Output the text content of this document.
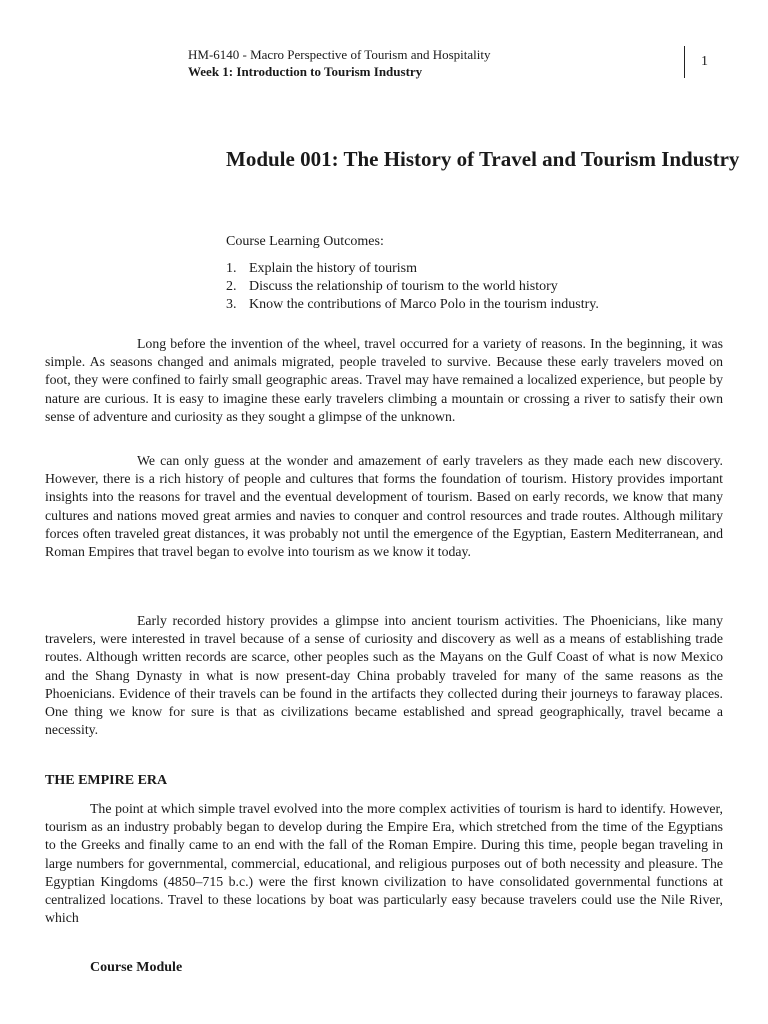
HM-6140 - Macro Perspective of Tourism and Hospitality
Week 1: Introduction to Tourism Industry
1
Module 001: The History of Travel and Tourism Industry
Course Learning Outcomes:
1. Explain the history of tourism
2. Discuss the relationship of tourism to the world history
3. Know the contributions of Marco Polo in the tourism industry.

Long before the invention of the wheel, travel occurred for a variety of reasons. In the beginning, it was simple. As seasons changed and animals migrated, people traveled to survive. Because these early travelers moved on foot, they were confined to fairly small geographic areas. Travel may have remained a localized experience, but people by nature are curious. It is easy to imagine these early travelers climbing a mountain or crossing a river to satisfy their own sense of adventure and curiosity as they sought a glimpse of the unknown.

We can only guess at the wonder and amazement of early travelers as they made each new discovery. However, there is a rich history of people and cultures that forms the foundation of tourism. History provides important insights into the reasons for travel and the eventual development of tourism. Based on early records, we know that many cultures and nations moved great armies and navies to conquer and control resources and trade routes. Although military forces often traveled great distances, it was probably not until the emergence of the Egyptian, Eastern Mediterranean, and Roman Empires that travel began to evolve into tourism as we know it today.

Early recorded history provides a glimpse into ancient tourism activities. The Phoenicians, like many travelers, were interested in travel because of a sense of curiosity and discovery as well as a means of establishing trade routes. Although written records are scarce, other peoples such as the Mayans on the Gulf Coast of what is now Mexico and the Shang Dynasty in what is now present-day China probably traveled for many of the same reasons as the Phoenicians. Evidence of their travels can be found in the artifacts they collected during their journeys to faraway places. One thing we know for sure is that as civilizations became established and spread geographically, travel became a necessity.

THE EMPIRE ERA

The point at which simple travel evolved into the more complex activities of tourism is hard to identify. However, tourism as an industry probably began to develop during the Empire Era, which stretched from the time of the Egyptians to the Greeks and finally came to an end with the fall of the Roman Empire. During this time, people began traveling in large numbers for governmental, commercial, educational, and religious purposes out of both necessity and pleasure. The Egyptian Kingdoms (4850–715 b.c.) were the first known civilization to have consolidated governmental functions at centralized locations. Travel to these locations by boat was particularly easy because travelers could use the Nile River, which

Course Module
